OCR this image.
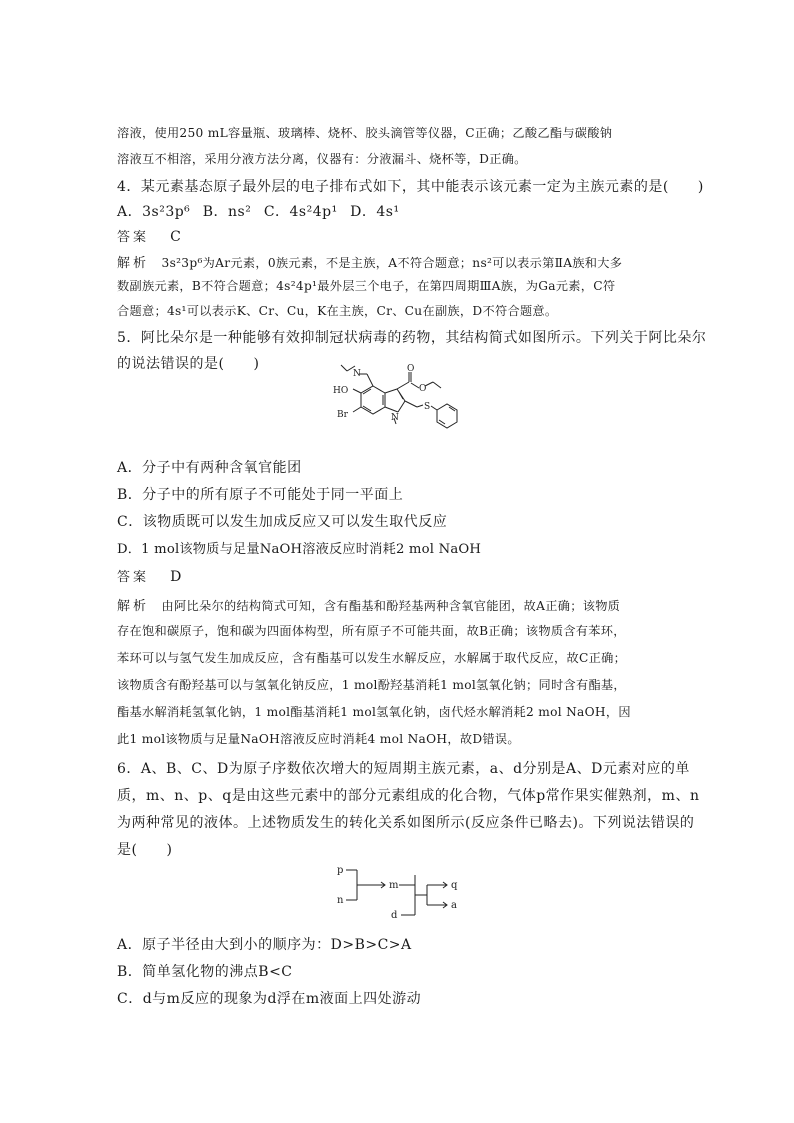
溶液，使用250 mL容量瓶、玻璃棒、烧杯、胶头滴管等仪器，C正确；乙酸乙酯与碳酸钠
溶液互不相溶，采用分液方法分离，仪器有：分液漏斗、烧杯等，D正确。
4．某元素基态原子最外层的电子排布式如下，其中能表示该元素一定为主族元素的是(　　)
A．3s²3p⁶  B．ns²  C．4s²4p¹  D．4s¹
答案  C
解析  3s²3p⁶为Ar元素，0族元素，不是主族，A不符合题意；ns²可以表示第ⅡA族和大多
数副族元素，B不符合题意；4s²4p¹最外层三个电子，在第四周期ⅢA族，为Ga元素，C符
合题意；4s¹可以表示K、Cr、Cu，K在主族，Cr、Cu在副族，D不符合题意。
5．阿比朵尔是一种能够有效抑制冠状病毒的药物，其结构简式如图所示。下列关于阿比朵尔
的说法错误的是(　　)
N
HO
Br	N
O
O
S
A．分子中有两种含氧官能团
B．分子中的所有原子不可能处于同一平面上
C．该物质既可以发生加成反应又可以发生取代反应
D．1 mol该物质与足量NaOH溶液反应时消耗2 mol NaOH
答案  D
解析  由阿比朵尔的结构简式可知，含有酯基和酚羟基两种含氧官能团，故A正确；该物质
存在饱和碳原子，饱和碳为四面体构型，所有原子不可能共面，故B正确；该物质含有苯环，
苯环可以与氢气发生加成反应，含有酯基可以发生水解反应，水解属于取代反应，故C正确；
该物质含有酚羟基可以与氢氧化钠反应，1 mol酚羟基消耗1 mol氢氧化钠；同时含有酯基，
酯基水解消耗氢氧化钠，1 mol酯基消耗1 mol氢氧化钠，卤代烃水解消耗2 mol NaOH，因
此1 mol该物质与足量NaOH溶液反应时消耗4 mol NaOH，故D错误。
6．A、B、C、D为原子序数依次增大的短周期主族元素，a、d分别是A、D元素对应的单
质，m、n、p、q是由这些元素中的部分元素组成的化合物，气体p常作果实催熟剂，m、n
为两种常见的液体。上述物质发生的转化关系如图所示(反应条件已略去)。下列说法错误的
是(　　)
p
n
m
d
q
a
A．原子半径由大到小的顺序为：D>B>C>A
B．简单氢化物的沸点B<C
C．d与m反应的现象为d浮在m液面上四处游动
